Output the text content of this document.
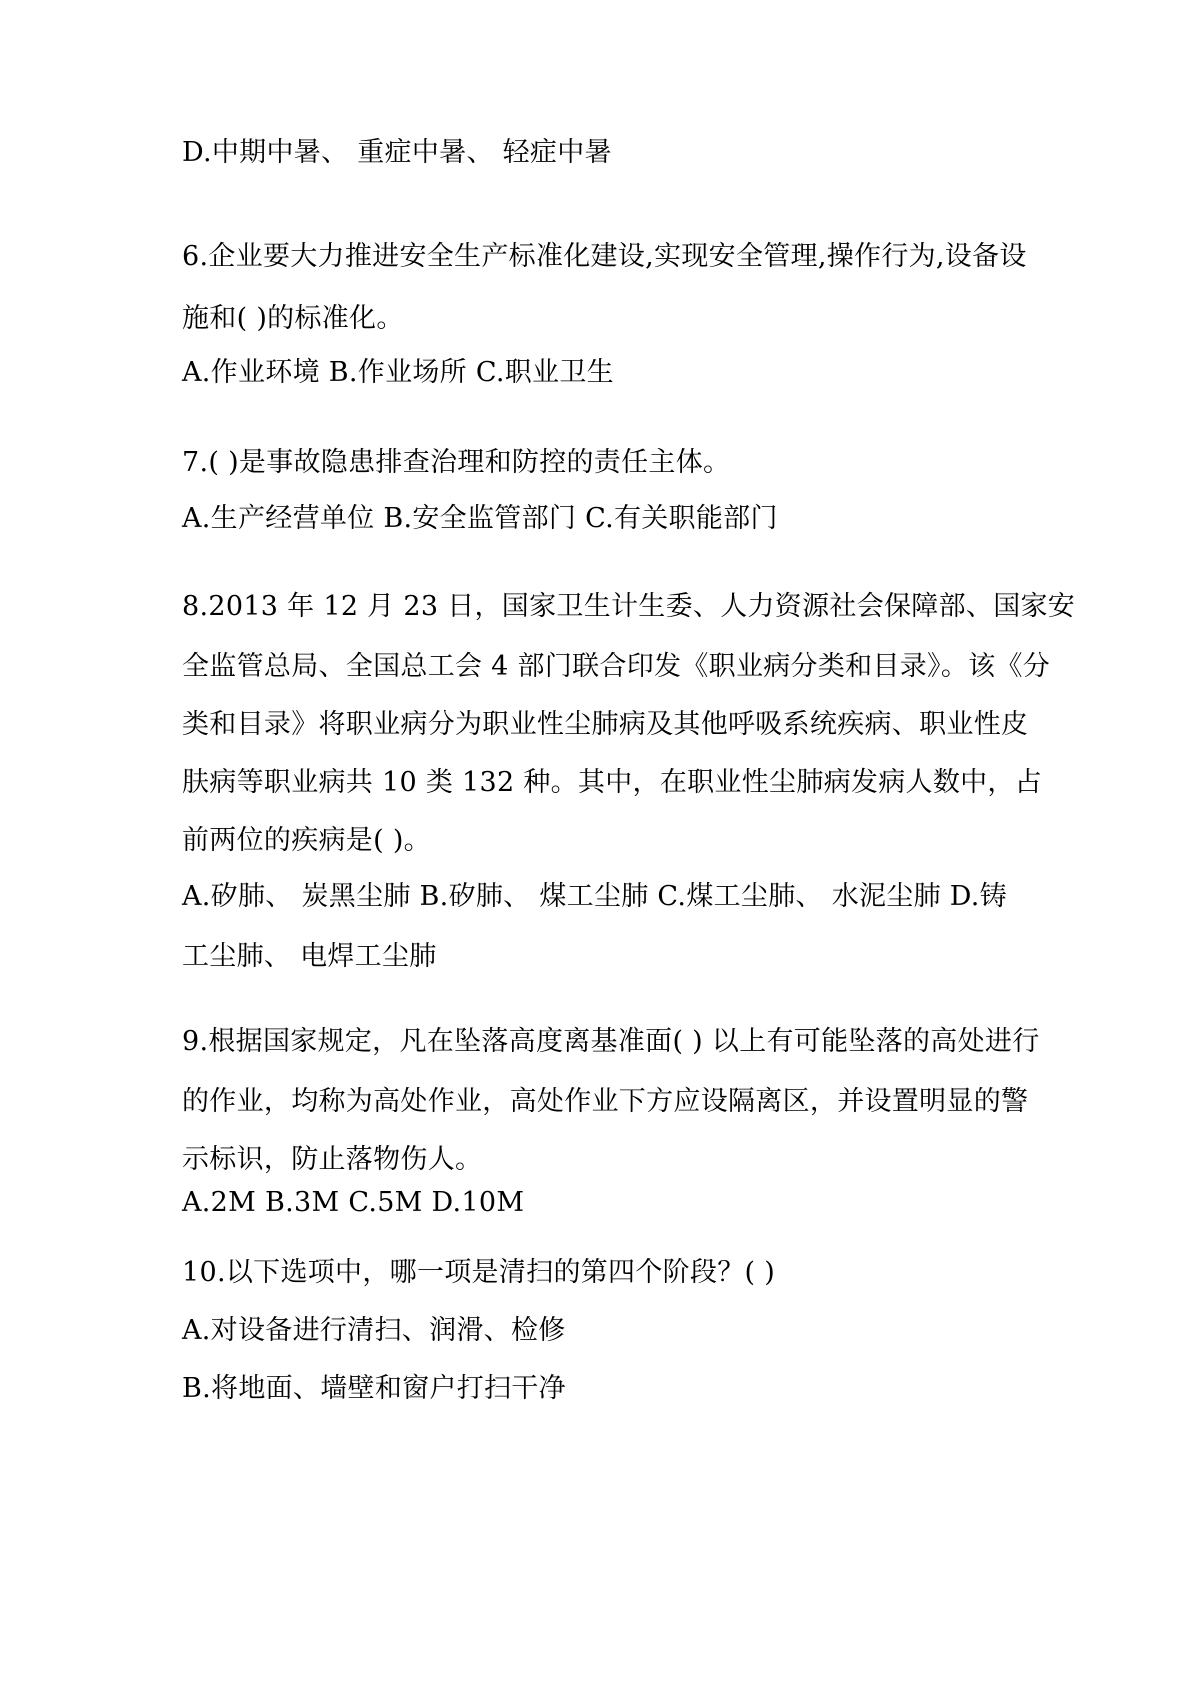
D.中期中暑、 重症中暑、 轻症中暑
6.企业要大力推进安全生产标准化建设,实现安全管理,操作行为,设备设
施和( )的标准化。
A.作业环境 B.作业场所 C.职业卫生
7.( )是事故隐患排查治理和防控的责任主体。
A.生产经营单位 B.安全监管部门 C.有关职能部门
8.2013 年 12 月 23 日，国家卫生计生委、人力资源社会保障部、国家安
全监管总局、全国总工会 4 部门联合印发《职业病分类和目录》。该《分
类和目录》将职业病分为职业性尘肺病及其他呼吸系统疾病、职业性皮
肤病等职业病共 10 类 132 种。其中，在职业性尘肺病发病人数中，占
前两位的疾病是( )。
A.矽肺、 炭黑尘肺 B.矽肺、 煤工尘肺 C.煤工尘肺、 水泥尘肺 D.铸
工尘肺、 电焊工尘肺
9.根据国家规定，凡在坠落高度离基准面( ) 以上有可能坠落的高处进行
的作业，均称为高处作业，高处作业下方应设隔离区，并设置明显的警
示标识，防止落物伤人。
A.2M B.3M C.5M D.10M
10.以下选项中，哪一项是清扫的第四个阶段？( )
A.对设备进行清扫、润滑、检修
B.将地面、墙壁和窗户打扫干净
